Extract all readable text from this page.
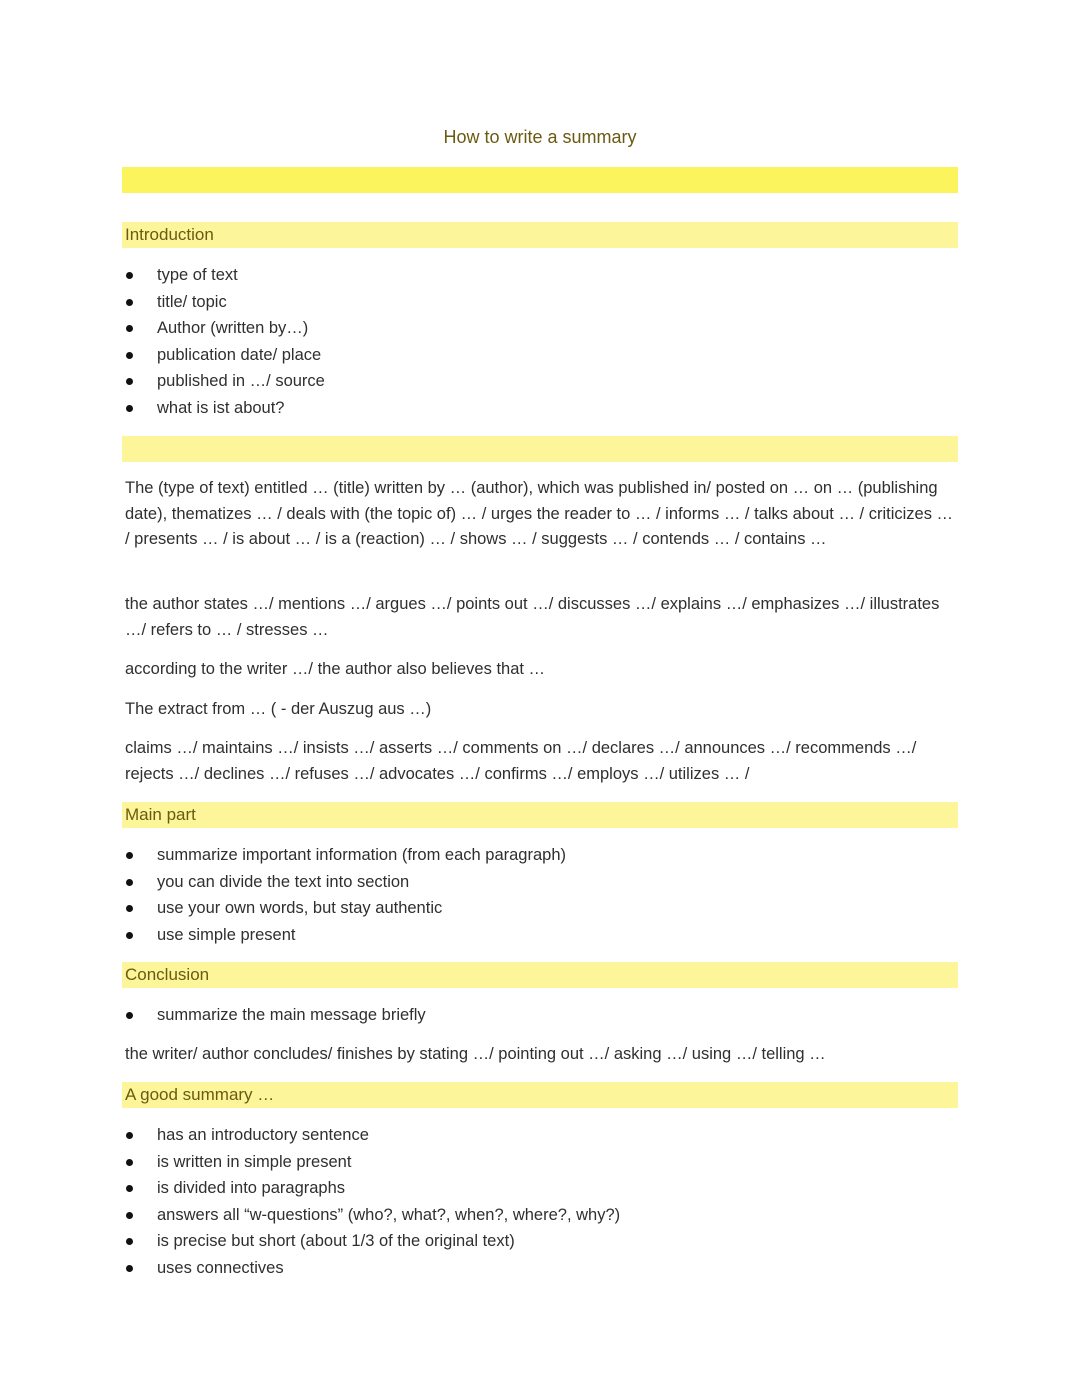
How to write a summary
Introduction
type of text
title/ topic
Author (written by…)
publication date/ place
published in …/ source
what is ist about?

The (type of text) entitled … (title) written by … (author), which was published in/ posted on … on … (publishing date), thematizes … / deals with (the topic of) … / urges the reader to … / informs … / talks about … / criticizes … / presents … / is about … / is a (reaction) … / shows … / suggests … / contends … / contains …

the author states …/ mentions …/ argues …/ points out …/ discusses …/ explains …/ emphasizes …/ illustrates …/ refers to … / stresses …

according to the writer …/ the author also believes that …

The extract from … ( - der Auszug aus …)

claims …/ maintains …/ insists …/ asserts …/ comments on …/ declares …/ announces …/ recommends …/ rejects …/ declines …/ refuses …/ advocates …/ confirms …/ employs …/ utilizes … /

Main part
summarize important information (from each paragraph)
you can divide the text into section
use your own words, but stay authentic
use simple present
Conclusion
summarize the main message briefly

the writer/ author concludes/ finishes by stating …/ pointing out …/ asking …/ using …/ telling …

A good summary …
has an introductory sentence
is written in simple present
is divided into paragraphs
answers all “w-questions” (who?, what?, when?, where?, why?)
is precise but short (about 1/3 of the original text)
uses connectives
